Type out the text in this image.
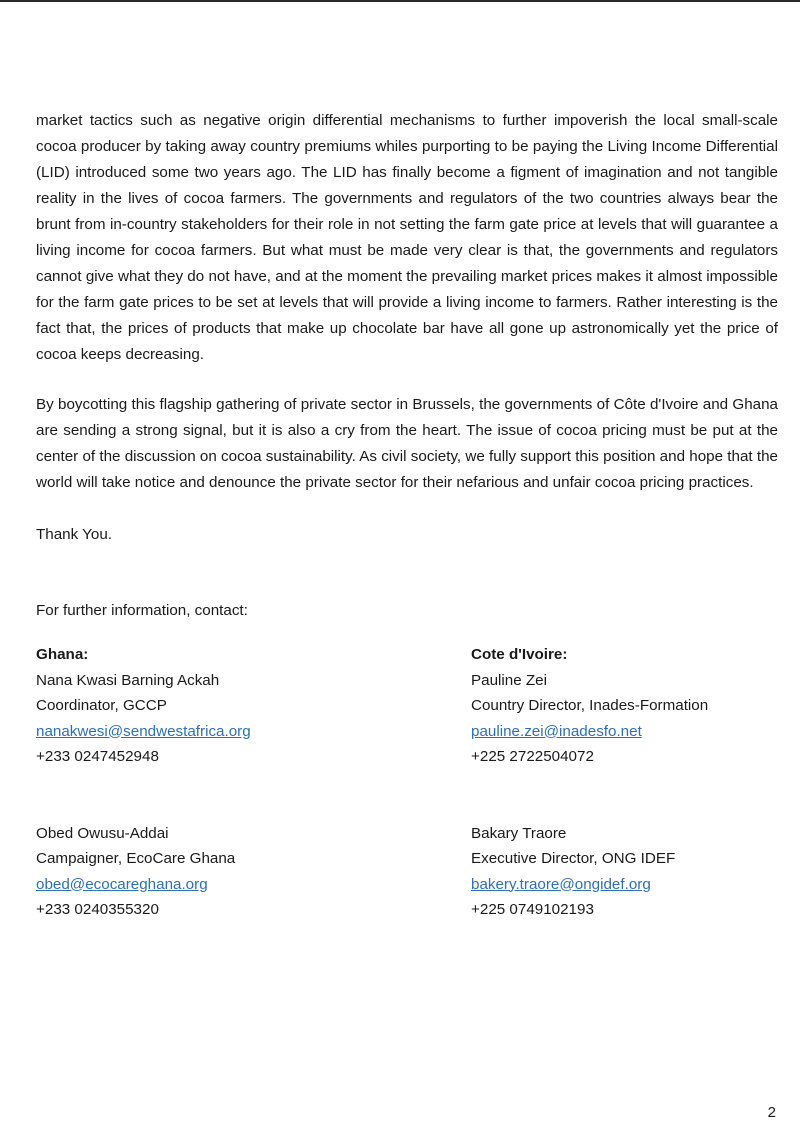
market tactics such as negative origin differential mechanisms to further impoverish the local small-scale cocoa producer by taking away country premiums whiles purporting to be paying the Living Income Differential (LID) introduced some two years ago. The LID has finally become a figment of imagination and not tangible reality in the lives of cocoa farmers. The governments and regulators of the two countries always bear the brunt from in-country stakeholders for their role in not setting the farm gate price at levels that will guarantee a living income for cocoa farmers. But what must be made very clear is that, the governments and regulators cannot give what they do not have, and at the moment the prevailing market prices makes it almost impossible for the farm gate prices to be set at levels that will provide a living income to farmers. Rather interesting is the fact that, the prices of products that make up chocolate bar have all gone up astronomically yet the price of cocoa keeps decreasing.

By boycotting this flagship gathering of private sector in Brussels, the governments of Côte d'Ivoire and Ghana are sending a strong signal, but it is also a cry from the heart. The issue of cocoa pricing must be put at the center of the discussion on cocoa sustainability. As civil society, we fully support this position and hope that the world will take notice and denounce the private sector for their nefarious and unfair cocoa pricing practices.

Thank You.

For further information, contact:

Ghana:
Nana Kwasi Barning Ackah
Coordinator, GCCP
nanakwesi@sendwestafrica.org
+233 0247452948
Obed Owusu-Addai
Campaigner, EcoCare Ghana
obed@ecocareghana.org
+233 0240355320
Cote d'Ivoire:
Pauline Zei
Country Director, Inades-Formation
pauline.zei@inadesfo.net
+225 2722504072
Bakary Traore
Executive Director, ONG IDEF
bakery.traore@ongidef.org
+225 0749102193
2
